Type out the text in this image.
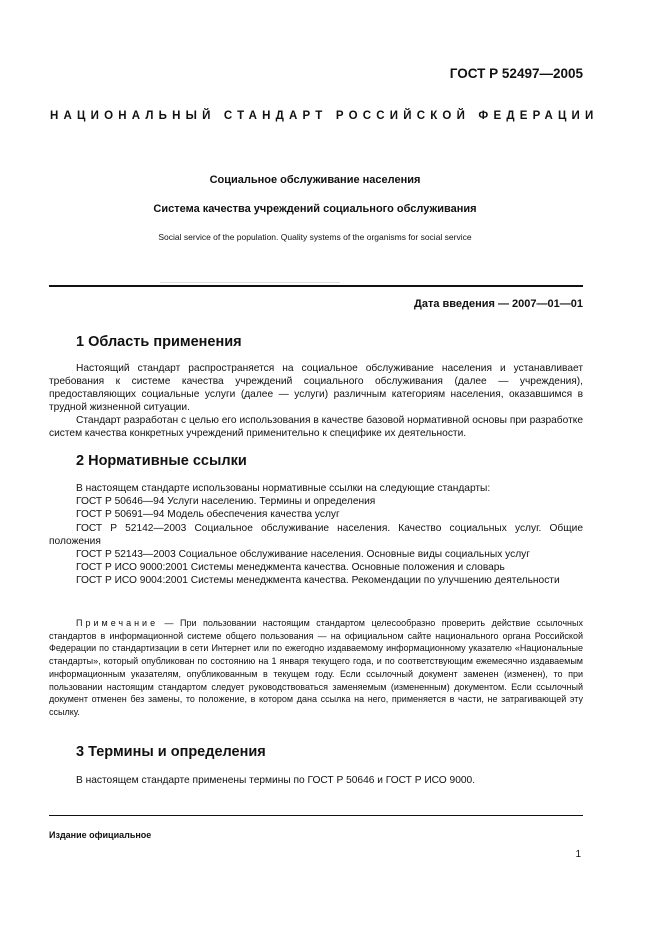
ГОСТ Р 52497—2005
НАЦИОНАЛЬНЫЙ СТАНДАРТ РОССИЙСКОЙ ФЕДЕРАЦИИ
Социальное обслуживание населения
Система качества учреждений социального обслуживания
Social service of the population. Quality systems of the organisms for social service
Дата введения — 2007—01—01
1 Область применения

Настоящий стандарт распространяется на социальное обслуживание населения и устанавливает требования к системе качества учреждений социального обслуживания (далее — учреждения), предоставляющих социальные услуги (далее — услуги) различным категориям населения, оказавшимся в трудной жизненной ситуации.

Стандарт разработан с целью его использования в качестве базовой нормативной основы при разработке систем качества конкретных учреждений применительно к специфике их деятельности.

2 Нормативные ссылки

В настоящем стандарте использованы нормативные ссылки на следующие стандарты:

ГОСТ Р 50646—94 Услуги населению. Термины и определения

ГОСТ Р 50691—94 Модель обеспечения качества услуг

ГОСТ Р 52142—2003 Социальное обслуживание населения. Качество социальных услуг. Общие положения

ГОСТ Р 52143—2003 Социальное обслуживание населения. Основные виды социальных услуг

ГОСТ Р ИСО 9000:2001 Системы менеджмента качества. Основные положения и словарь

ГОСТ Р ИСО 9004:2001 Системы менеджмента качества. Рекомендации по улучшению деятельности

Примечание — При пользовании настоящим стандартом целесообразно проверить действие ссылочных стандартов в информационной системе общего пользования — на официальном сайте национального органа Российской Федерации по стандартизации в сети Интернет или по ежегодно издаваемому информационному указателю «Национальные стандарты», который опубликован по состоянию на 1 января текущего года, и по соответствующим ежемесячно издаваемым информационным указателям, опубликованным в текущем году. Если ссылочный документ заменен (изменен), то при пользовании настоящим стандартом следует руководствоваться заменяемым (измененным) документом. Если ссылочный документ отменен без замены, то положение, в котором дана ссылка на него, применяется в части, не затрагивающей эту ссылку.

3 Термины и определения

В настоящем стандарте применены термины по ГОСТ Р 50646 и ГОСТ Р ИСО 9000.

Издание официальное
1
